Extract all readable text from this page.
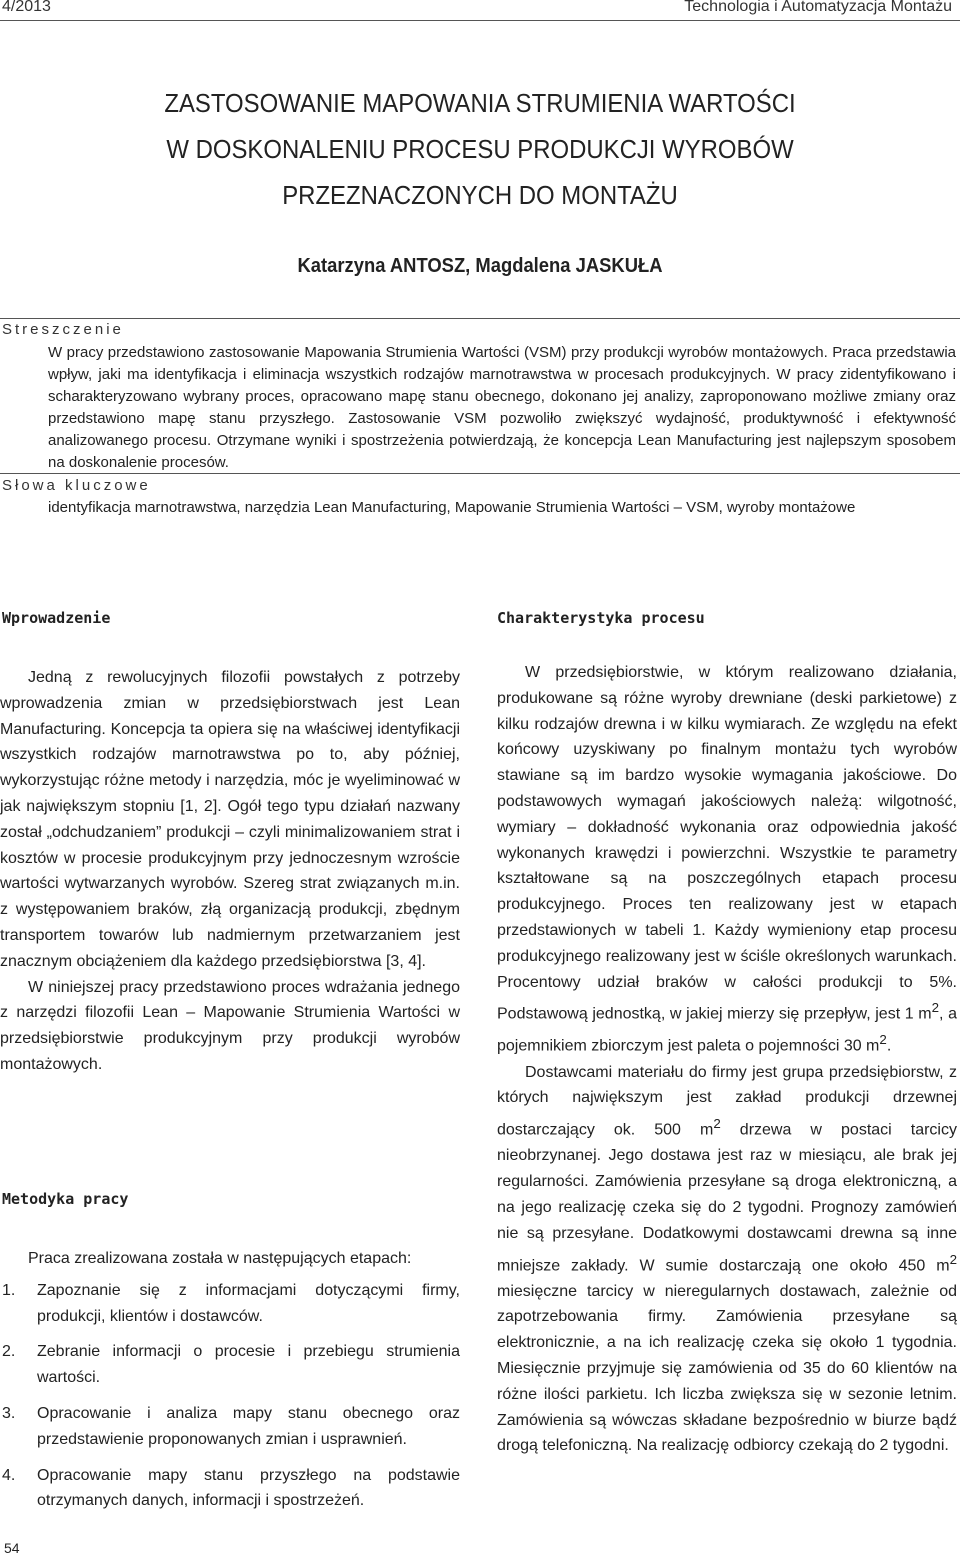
4/2013	Technologia i Automatyzacja Montażu
ZASTOSOWANIE MAPOWANIA STRUMIENIA WARTOŚCI
W DOSKONALENIU PROCESU PRODUKCJI WYROBÓW
PRZEZNACZONYCH DO MONTAŻU
Katarzyna ANTOSZ, Magdalena JASKUŁA
Streszczenie
W pracy przedstawiono zastosowanie Mapowania Strumienia Wartości (VSM) przy produkcji wyrobów montażowych. Praca przedstawia wpływ, jaki ma identyfikacja i eliminacja wszystkich rodzajów marnotrawstwa w procesach produkcyjnych. W pracy zidentyfikowano i scharakteryzowano wybrany proces, opracowano mapę stanu obecnego, dokonano jej analizy, zaproponowano możliwe zmiany oraz przedstawiono mapę stanu przyszłego. Zastosowanie VSM pozwoliło zwiększyć wydajność, produktywność i efektywność analizowanego procesu. Otrzymane wyniki i spostrzeżenia potwierdzają, że koncepcja Lean Manufacturing jest najlepszym sposobem na doskonalenie procesów.
Słowa kluczowe
identyfikacja marnotrawstwa, narzędzia Lean Manufacturing, Mapowanie Strumienia Wartości – VSM, wyroby montażowe
Wprowadzenie

Jedną z rewolucyjnych filozofii powstałych z potrzeby wprowadzenia zmian w przedsiębiorstwach jest Lean Manufacturing. Koncepcja ta opiera się na właściwej identyfikacji wszystkich rodzajów marnotrawstwa po to, aby później, wykorzystując różne metody i narzędzia, móc je wyeliminować w jak największym stopniu [1, 2]. Ogół tego typu działań nazwany został „odchudzaniem” produkcji – czyli minimalizowaniem strat i kosztów w procesie produkcyjnym przy jednoczesnym wzroście wartości wytwarzanych wyrobów. Szereg strat związanych m.in. z występowaniem braków, złą organizacją produkcji, zbędnym transportem towarów lub nadmiernym przetwarzaniem jest znacznym obciążeniem dla każdego przedsiębiorstwa [3, 4].

W niniejszej pracy przedstawiono proces wdrażania jednego z narzędzi filozofii Lean – Mapowanie Strumienia Wartości w przedsiębiorstwie produkcyjnym przy produkcji wyrobów montażowych.

Metodyka pracy

Praca zrealizowana została w następujących etapach:

1. Zapoznanie się z informacjami dotyczącymi firmy, produkcji, klientów i dostawców.
2. Zebranie informacji o procesie i przebiegu strumienia wartości.
3. Opracowanie i analiza mapy stanu obecnego oraz przedstawienie proponowanych zmian i usprawnień.
4. Opracowanie mapy stanu przyszłego na podstawie otrzymanych danych, informacji i spostrzeżeń.
Charakterystyka procesu

W przedsiębiorstwie, w którym realizowano działania, produkowane są różne wyroby drewniane (deski parkietowe) z kilku rodzajów drewna i w kilku wymiarach. Ze względu na efekt końcowy uzyskiwany po finalnym montażu tych wyrobów stawiane są im bardzo wysokie wymagania jakościowe. Do podstawowych wymagań jakościowych należą: wilgotność, wymiary – dokładność wykonania oraz odpowiednia jakość wykonanych krawędzi i powierzchni. Wszystkie te parametry kształtowane są na poszczególnych etapach procesu produkcyjnego. Proces ten realizowany jest w etapach przedstawionych w tabeli 1. Każdy wymieniony etap procesu produkcyjnego realizowany jest w ściśle określonych warunkach. Procentowy udział braków w całości produkcji to 5%. Podstawową jednostką, w jakiej mierzy się przepływ, jest 1 $m^2$, a pojemnikiem zbiorczym jest paleta o pojemności 30 $m^2$.

Dostawcami materiału do firmy jest grupa przedsiębiorstw, z których największym jest zakład produkcji drzewnej dostarczający ok. 500 $m^2$ drzewa w postaci tarcicy nieobrzynanej. Jego dostawa jest raz w miesiącu, ale brak jej regularności. Zamówienia przesyłane są droga elektroniczną, a na jego realizację czeka się do 2 tygodni. Prognozy zamówień nie są przesyłane. Dodatkowymi dostawcami drewna są inne mniejsze zakłady. W sumie dostarczają one około 450 $m^2$ miesięczne tarcicy w nieregularnych dostawach, zależnie od zapotrzebowania firmy. Zamówienia przesyłane są elektronicznie, a na ich realizację czeka się około 1 tygodnia. Miesięcznie przyjmuje się zamówienia od 35 do 60 klientów na różne ilości parkietu. Ich liczba zwiększa się w sezonie letnim. Zamówienia są wówczas składane bezpośrednio w biurze bądź drogą telefoniczną. Na realizację odbiorcy czekają do 2 tygodni.

54
